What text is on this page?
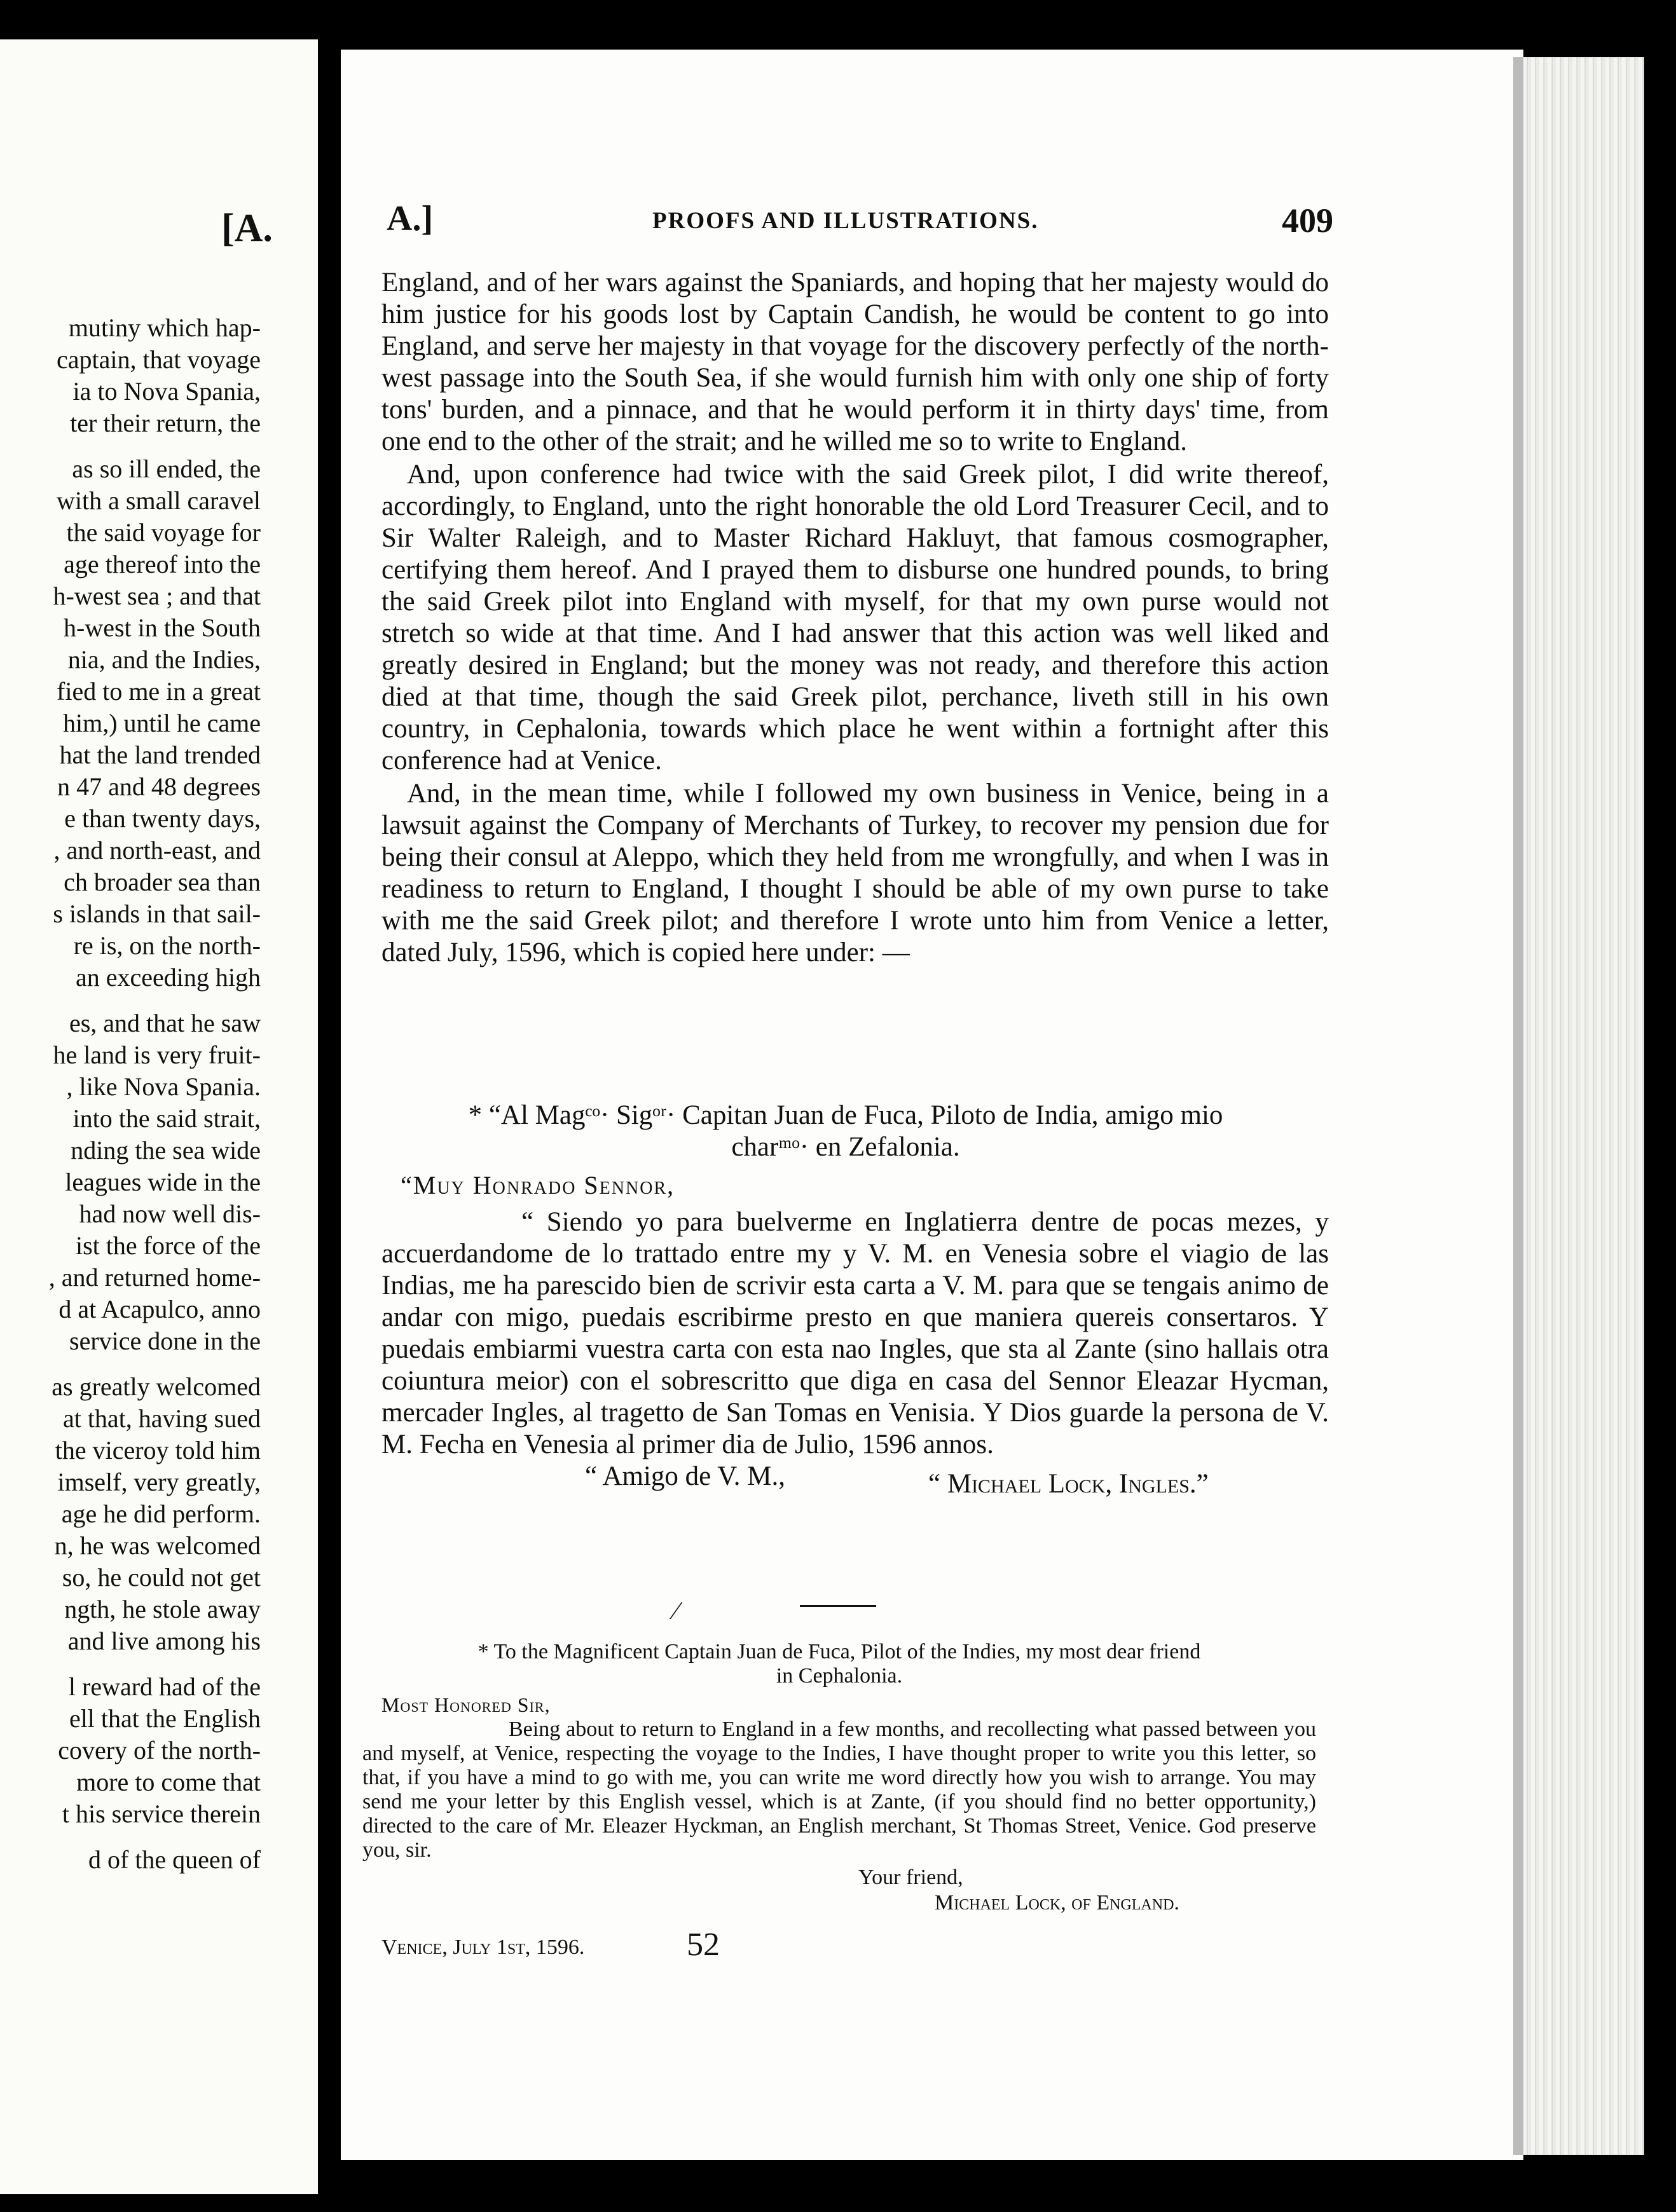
[A.
mutiny which hap-
captain, that voyage
ia to Nova Spania,
ter their return, the
as so ill ended, the
with a small caravel
the said voyage for
age thereof into the
h-west sea ; and that
h-west in the South
nia, and the Indies,
fied to me in a great
him,) until he came
hat the land trended
n 47 and 48 degrees
e than twenty days,
, and north-east, and
ch broader sea than
s islands in that sail-
re is, on the north-
an exceeding high
es, and that he saw
he land is very fruit-
, like Nova Spania.
into the said strait,
nding the sea wide
leagues wide in the
had now well dis-
ist the force of the
, and returned home-
d at Acapulco, anno
service done in the
as greatly welcomed
at that, having sued
the viceroy told him
imself, very greatly,
age he did perform.
n, he was welcomed
so, he could not get
ngth, he stole away
and live among his
l reward had of the
ell that the English
covery of the north-
more to come that
t his service therein
d of the queen of
A.]	PROOFS AND ILLUSTRATIONS.	409

England, and of her wars against the Spaniards, and hoping that her majesty would do him justice for his goods lost by Captain Candish, he would be content to go into England, and serve her majesty in that voyage for the discovery perfectly of the north-west passage into the South Sea, if she would furnish him with only one ship of forty tons' burden, and a pinnace, and that he would perform it in thirty days' time, from one end to the other of the strait; and he willed me so to write to England.

And, upon conference had twice with the said Greek pilot, I did write thereof, accordingly, to England, unto the right honorable the old Lord Treasurer Cecil, and to Sir Walter Raleigh, and to Master Richard Hakluyt, that famous cosmographer, certifying them hereof. And I prayed them to disburse one hundred pounds, to bring the said Greek pilot into England with myself, for that my own purse would not stretch so wide at that time. And I had answer that this action was well liked and greatly desired in England; but the money was not ready, and therefore this action died at that time, though the said Greek pilot, perchance, liveth still in his own country, in Cephalonia, towards which place he went within a fortnight after this conference had at Venice.

And, in the mean time, while I followed my own business in Venice, being in a lawsuit against the Company of Merchants of Turkey, to recover my pension due for being their consul at Aleppo, which they held from me wrongfully, and when I was in readiness to return to England, I thought I should be able of my own purse to take with me the said Greek pilot; and therefore I wrote unto him from Venice a letter, dated July, 1596, which is copied here under: —

* “Al Magᶜᵒ· Sigᵒʳ· Capitan Juan de Fuca, Piloto de India, amigo mio

charᵐᵒ· en Zefalonia.

“Muy Honrado Sennor,

“ Siendo yo para buelverme en Inglatierra dentre de pocas mezes, y accuerdandome de lo trattado entre my y V. M. en Venesia sobre el viagio de las Indias, me ha parescido bien de scrivir esta carta a V. M. para que se tengais animo de andar con migo, puedais escribirme presto en que maniera quereis consertaros. Y puedais embiarmi vuestra carta con esta nao Ingles, que sta al Zante (sino hallais otra coiuntura meior) con el sobrescritto que diga en casa del Sennor Eleazar Hycman, mercader Ingles, al tragetto de San Tomas en Venisia. Y Dios guarde la persona de V. M. Fecha en Venesia al primer dia de Julio, 1596 annos.

“ Amigo de V. M.,	“ Michael Lock, Ingles.”
⁄

* To the Magnificent Captain Juan de Fuca, Pilot of the Indies, my most dear friend

in Cephalonia.

Most Honored Sir,

Being about to return to England in a few months, and recollecting what passed between you and myself, at Venice, respecting the voyage to the Indies, I have thought proper to write you this letter, so that, if you have a mind to go with me, you can write me word directly how you wish to arrange. You may send me your letter by this English vessel, which is at Zante, (if you should find no better opportunity,) directed to the care of Mr. Eleazer Hyckman, an English merchant, St Thomas Street, Venice. God preserve you, sir.

Your friend,

Michael Lock, of England.

Venice, July 1st, 1596.	52
